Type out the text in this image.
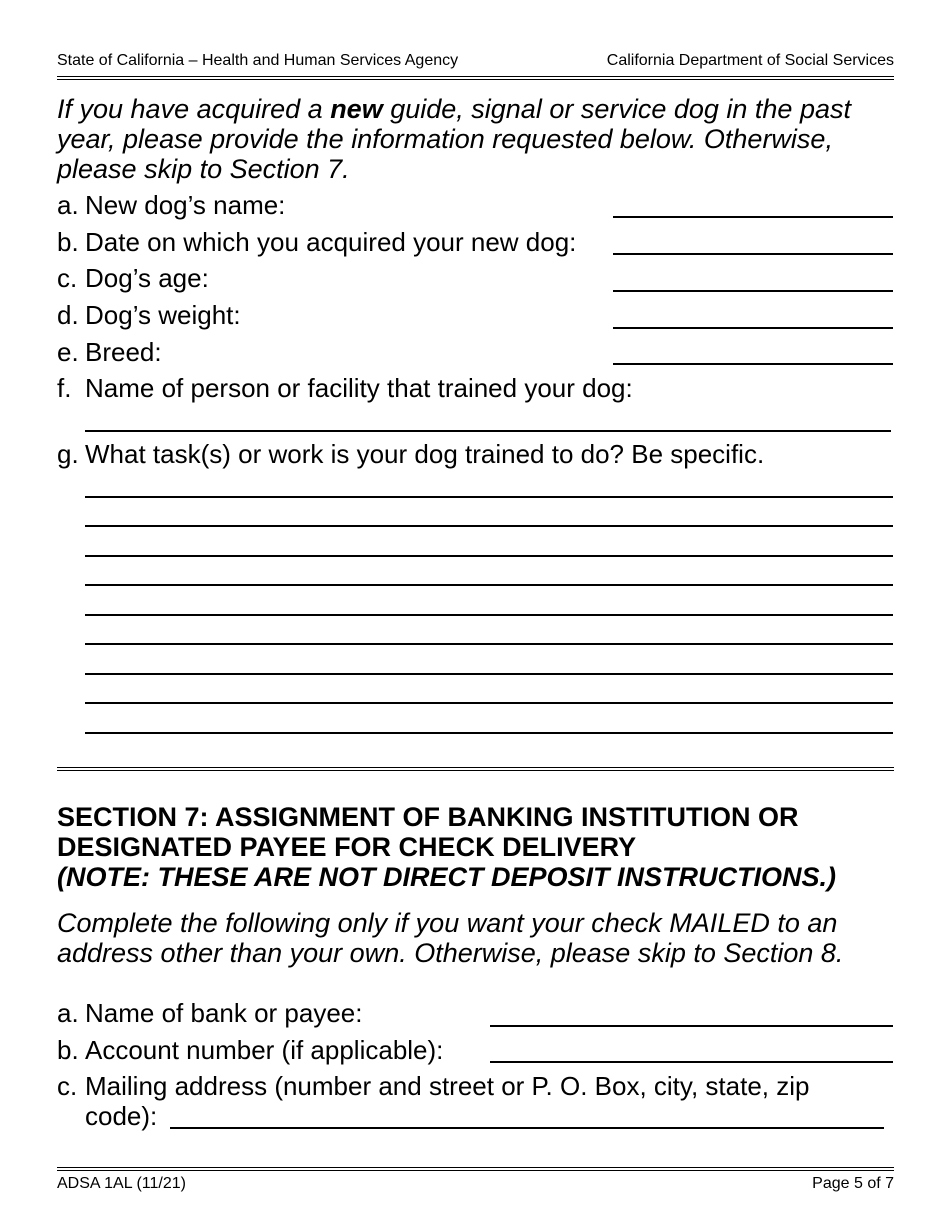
State of California – Health and Human Services Agency	California Department of Social Services
If you have acquired a new guide, signal or service dog in the past year, please provide the information requested below. Otherwise, please skip to Section 7.
a. New dog’s name:
b. Date on which you acquired your new dog:
c. Dog’s age:
d. Dog’s weight:
e. Breed:
f. Name of person or facility that trained your dog:
g. What task(s) or work is your dog trained to do? Be specific.
SECTION 7: ASSIGNMENT OF BANKING INSTITUTION OR
DESIGNATED PAYEE FOR CHECK DELIVERY
(NOTE: THESE ARE NOT DIRECT DEPOSIT INSTRUCTIONS.)
Complete the following only if you want your check MAILED to an address other than your own. Otherwise, please skip to Section 8.
a. Name of bank or payee:
b. Account number (if applicable):
c. Mailing address (number and street or P. O. Box, city, state, zip
code):
ADSA 1AL (11/21)	Page 5 of 7
